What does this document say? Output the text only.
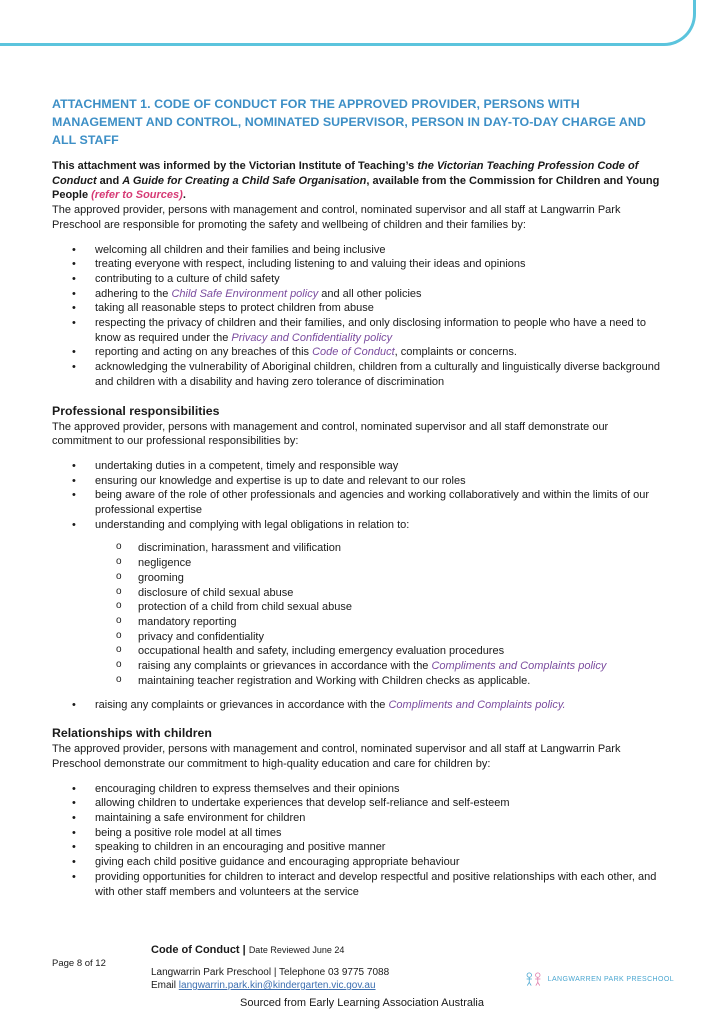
ATTACHMENT 1. CODE OF CONDUCT FOR THE APPROVED PROVIDER, PERSONS WITH MANAGEMENT AND CONTROL, NOMINATED SUPERVISOR, PERSON IN DAY-TO-DAY CHARGE AND ALL STAFF

This attachment was informed by the Victorian Institute of Teaching’s the Victorian Teaching Profession Code of Conduct and A Guide for Creating a Child Safe Organisation, available from the Commission for Children and Young People (refer to Sources).

The approved provider, persons with management and control, nominated supervisor and all staff at Langwarrin Park Preschool are responsible for promoting the safety and wellbeing of children and their families by:

• welcoming all children and their families and being inclusive
• treating everyone with respect, including listening to and valuing their ideas and opinions
• contributing to a culture of child safety
• adhering to the Child Safe Environment policy and all other policies
• taking all reasonable steps to protect children from abuse
• respecting the privacy of children and their families, and only disclosing information to people who have a need to know as required under the Privacy and Confidentiality policy
• reporting and acting on any breaches of this Code of Conduct, complaints or concerns.
• acknowledging the vulnerability of Aboriginal children, children from a culturally and linguistically diverse background and children with a disability and having zero tolerance of discrimination
Professional responsibilities

The approved provider, persons with management and control, nominated supervisor and all staff demonstrate our commitment to our professional responsibilities by:

• undertaking duties in a competent, timely and responsible way
• ensuring our knowledge and expertise is up to date and relevant to our roles
• being aware of the role of other professionals and agencies and working collaboratively and within the limits of our professional expertise
• understanding and complying with legal obligations in relation to:
o discrimination, harassment and vilification
o negligence
o grooming
o disclosure of child sexual abuse
o protection of a child from child sexual abuse
o mandatory reporting
o privacy and confidentiality
o occupational health and safety, including emergency evaluation procedures
o raising any complaints or grievances in accordance with the Compliments and Complaints policy
o maintaining teacher registration and Working with Children checks as applicable.
• raising any complaints or grievances in accordance with the Compliments and Complaints policy.
Relationships with children

The approved provider, persons with management and control, nominated supervisor and all staff at Langwarrin Park Preschool demonstrate our commitment to high-quality education and care for children by:

• encouraging children to express themselves and their opinions
• allowing children to undertake experiences that develop self-reliance and self-esteem
• maintaining a safe environment for children
• being a positive role model at all times
• speaking to children in an encouraging and positive manner
• giving each child positive guidance and encouraging appropriate behaviour
• providing opportunities for children to interact and develop respectful and positive relationships with each other, and with other staff members and volunteers at the service
Code of Conduct | Date Reviewed June 24
Langwarrin Park Preschool | Telephone 03 9775 7088
Email langwarrin.park.kin@kindergarten.vic.gov.au
Page 8 of 12
LANGWARREN PARK PRESCHOOL
Sourced from Early Learning Association Australia
